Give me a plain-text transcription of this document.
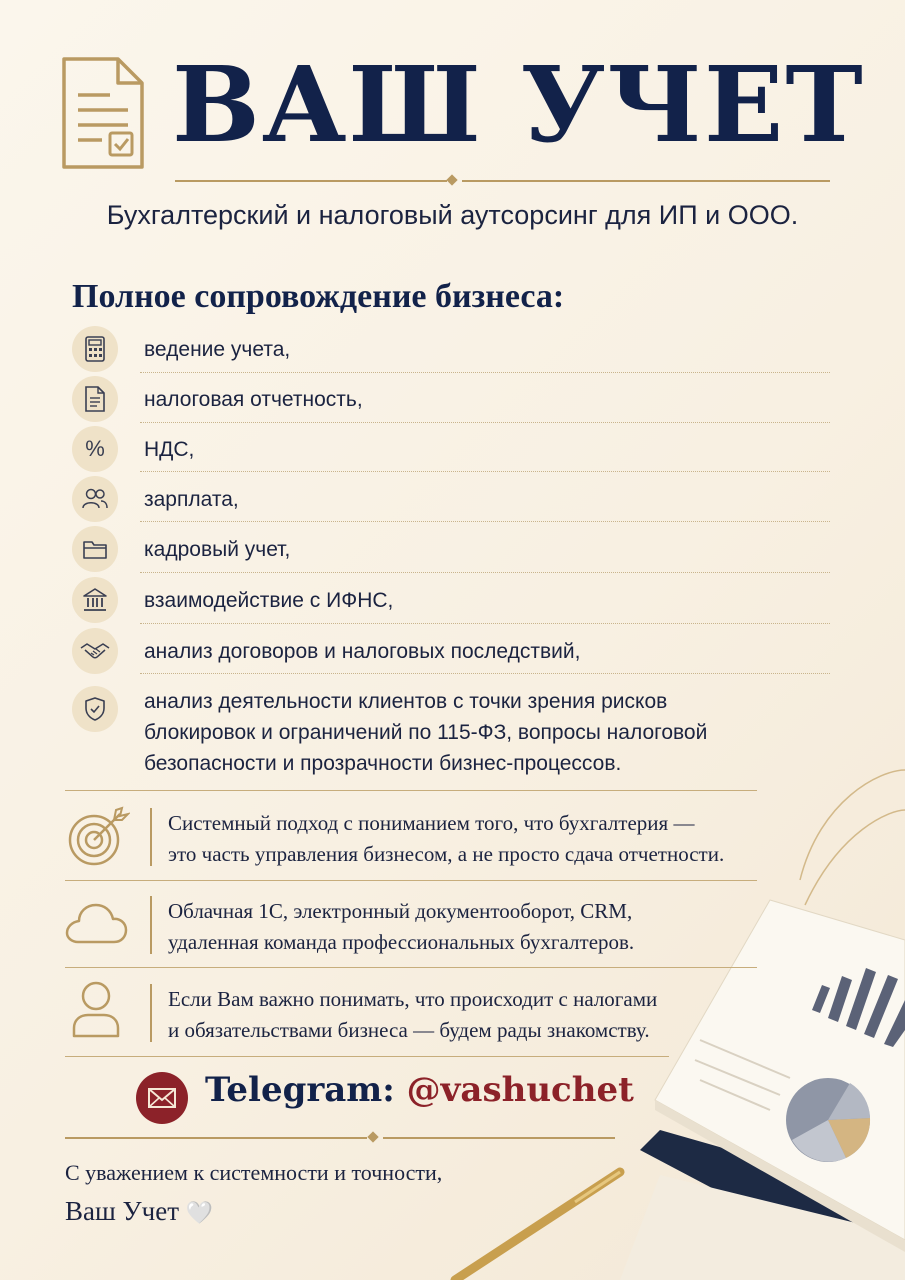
ВАШ УЧЕТ
Бухгалтерский и налоговый аутсорсинг для ИП и ООО.
Полное сопровождение бизнеса:
ведение учета,
налоговая отчетность,
% НДС,
зарплата,
кадровый учет,
взаимодействие с ИФНС,
анализ договоров и налоговых последствий,
анализ деятельности клиентов с точки зрения рисков
блокировок и ограничений по 115-ФЗ, вопросы налоговой
безопасности и прозрачности бизнес-процессов.
Системный подход с пониманием того, что бухгалтерия —
это часть управления бизнесом, а не просто сдача отчетности.
Облачная 1С, электронный документооборот, CRM,
удаленная команда профессиональных бухгалтеров.
Если Вам важно понимать, что происходит с налогами
и обязательствами бизнеса — будем рады знакомству.
Telegram: @vashuchet
С уважением к системности и точности,
Ваш Учет 🤍
